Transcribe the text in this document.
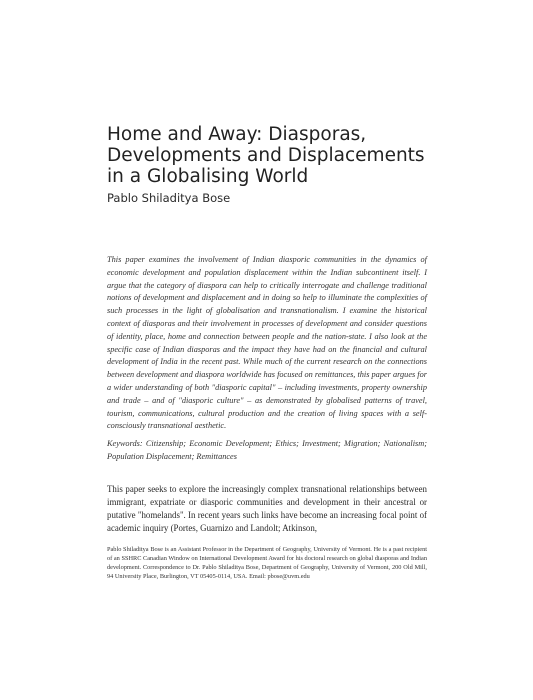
Home and Away: Diasporas, Developments and Displacements in a Globalising World
Pablo Shiladitya Bose

This paper examines the involvement of Indian diasporic communities in the dynamics of economic development and population displacement within the Indian subcontinent itself. I argue that the category of diaspora can help to critically interrogate and challenge traditional notions of development and displacement and in doing so help to illuminate the complexities of such processes in the light of globalisation and transnationalism. I examine the historical context of diasporas and their involvement in processes of development and consider questions of identity, place, home and connection between people and the nation-state. I also look at the specific case of Indian diasporas and the impact they have had on the financial and cultural development of India in the recent past. While much of the current research on the connections between development and diaspora worldwide has focused on remittances, this paper argues for a wider understanding of both "diasporic capital" – including investments, property ownership and trade – and of "diasporic culture" – as demonstrated by globalised patterns of travel, tourism, communications, cultural production and the creation of living spaces with a self-consciously transnational aesthetic.

Keywords: Citizenship; Economic Development; Ethics; Investment; Migration; Nationalism; Population Displacement; Remittances

This paper seeks to explore the increasingly complex transnational relationships between immigrant, expatriate or diasporic communities and development in their ancestral or putative "homelands". In recent years such links have become an increasing focal point of academic inquiry (Portes, Guarnizo and Landolt; Atkinson,

Pablo Shiladitya Bose is an Assistant Professor in the Department of Geography, University of Vermont. He is a past recipient of an SSHRC Canadian Window on International Development Award for his doctoral research on global diasporas and Indian development. Correspondence to Dr. Pablo Shiladitya Bose, Department of Geography, University of Vermont, 200 Old Mill, 94 University Place, Burlington, VT 05405-0114, USA. Email: pbose@uvm.edu
